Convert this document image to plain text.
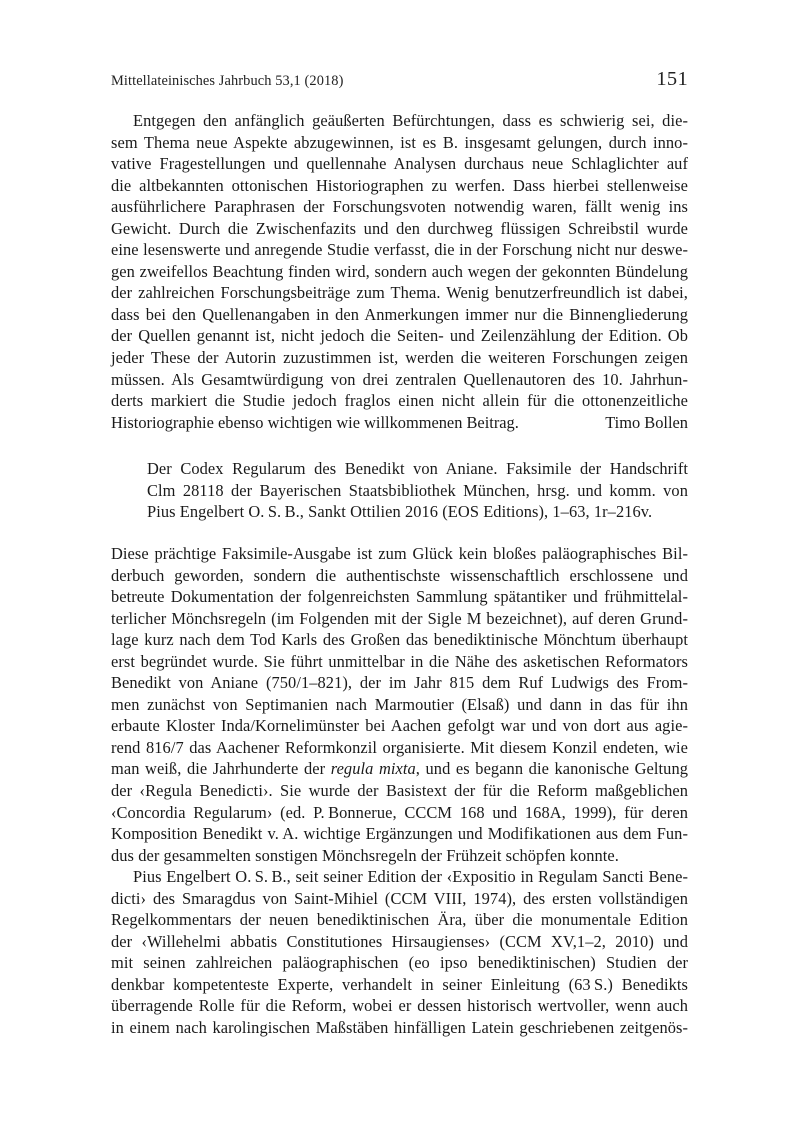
Mittellateinisches Jahrbuch 53,1 (2018)	151
Entgegen den anfänglich geäußerten Befürchtungen, dass es schwierig sei, die-
sem Thema neue Aspekte abzugewinnen, ist es B. insgesamt gelungen, durch inno-
vative Fragestellungen und quellennahe Analysen durchaus neue Schlaglichter auf
die altbekannten ottonischen Historiographen zu werfen. Dass hierbei stellenweise
ausführlichere Paraphrasen der Forschungsvoten notwendig waren, fällt wenig ins
Gewicht. Durch die Zwischenfazits und den durchweg flüssigen Schreibstil wurde
eine lesenswerte und anregende Studie verfasst, die in der Forschung nicht nur deswe-
gen zweifellos Beachtung finden wird, sondern auch wegen der gekonnten Bündelung
der zahlreichen Forschungsbeiträge zum Thema. Wenig benutzerfreundlich ist dabei,
dass bei den Quellenangaben in den Anmerkungen immer nur die Binnengliederung
der Quellen genannt ist, nicht jedoch die Seiten- und Zeilenzählung der Edition. Ob
jeder These der Autorin zuzustimmen ist, werden die weiteren Forschungen zeigen
müssen. Als Gesamtwürdigung von drei zentralen Quellenautoren des 10. Jahrhun-
derts markiert die Studie jedoch fraglos einen nicht allein für die ottonenzeitliche
Historiographie ebenso wichtigen wie willkommenen Beitrag.	Timo Bollen
Der Codex Regularum des Benedikt von Aniane. Faksimile der Handschrift
Clm 28118 der Bayerischen Staatsbibliothek München, hrsg. und komm. von
Pius Engelbert O. S. B., Sankt Ottilien 2016 (EOS Editions), 1–63, 1r–216v.
Diese prächtige Faksimile-Ausgabe ist zum Glück kein bloßes paläographisches Bil-
derbuch geworden, sondern die authentischste wissenschaftlich erschlossene und
betreute Dokumentation der folgenreichsten Sammlung spätantiker und frühmittelal-
terlicher Mönchsregeln (im Folgenden mit der Sigle M bezeichnet), auf deren Grund-
lage kurz nach dem Tod Karls des Großen das benediktinische Mönchtum überhaupt
erst begründet wurde. Sie führt unmittelbar in die Nähe des asketischen Reformators
Benedikt von Aniane (750/1–821), der im Jahr 815 dem Ruf Ludwigs des From-
men zunächst von Septimanien nach Marmoutier (Elsaß) und dann in das für ihn
erbaute Kloster Inda/Kornelimünster bei Aachen gefolgt war und von dort aus agie-
rend 816/7 das Aachener Reformkonzil organisierte. Mit diesem Konzil endeten, wie
man weiß, die Jahrhunderte der regula mixta, und es begann die kanonische Geltung
der ‹Regula Benedicti›. Sie wurde der Basistext der für die Reform maßgeblichen
‹Concordia Regularum› (ed. P. Bonnerue, CCCM 168 und 168A, 1999), für deren
Komposition Benedikt v. A. wichtige Ergänzungen und Modifikationen aus dem Fun-
dus der gesammelten sonstigen Mönchsregeln der Frühzeit schöpfen konnte.
Pius Engelbert O. S. B., seit seiner Edition der ‹Expositio in Regulam Sancti Bene-
dicti› des Smaragdus von Saint-Mihiel (CCM VIII, 1974), des ersten vollständigen
Regelkommentars der neuen benediktinischen Ära, über die monumentale Edition
der ‹Willehelmi abbatis Constitutiones Hirsaugienses› (CCM XV,1–2, 2010) und
mit seinen zahlreichen paläographischen (eo ipso benediktinischen) Studien der
denkbar kompetenteste Experte, verhandelt in seiner Einleitung (63 S.) Benedikts
überragende Rolle für die Reform, wobei er dessen historisch wertvoller, wenn auch
in einem nach karolingischen Maßstäben hinfälligen Latein geschriebenen zeitgenös-
